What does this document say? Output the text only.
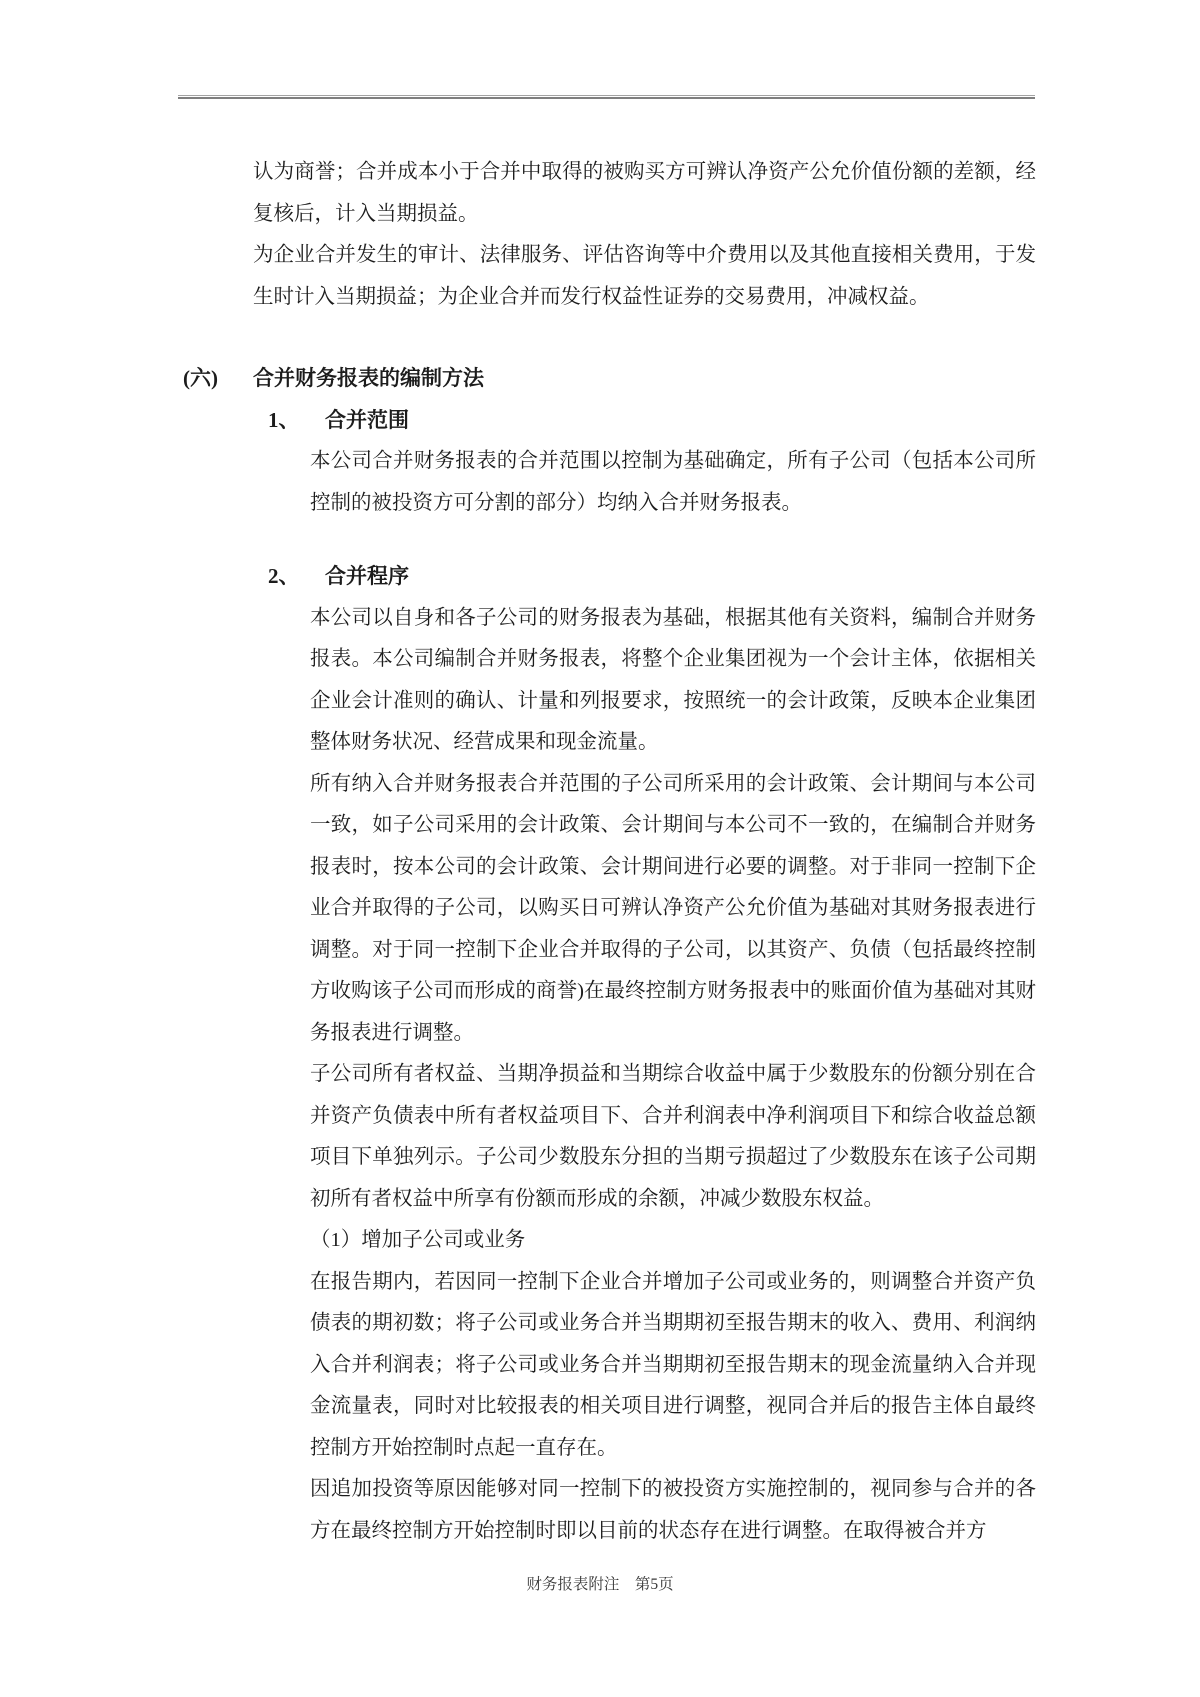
认为商誉；合并成本小于合并中取得的被购买方可辨认净资产公允价值份额的差额，经复核后，计入当期损益。

为企业合并发生的审计、法律服务、评估咨询等中介费用以及其他直接相关费用，于发生时计入当期损益；为企业合并而发行权益性证券的交易费用，冲减权益。

(六)	合并财务报表的编制方法
1、	合并范围

本公司合并财务报表的合并范围以控制为基础确定，所有子公司（包括本公司所控制的被投资方可分割的部分）均纳入合并财务报表。

2、	合并程序

本公司以自身和各子公司的财务报表为基础，根据其他有关资料，编制合并财务报表。本公司编制合并财务报表，将整个企业集团视为一个会计主体，依据相关企业会计准则的确认、计量和列报要求，按照统一的会计政策，反映本企业集团整体财务状况、经营成果和现金流量。

所有纳入合并财务报表合并范围的子公司所采用的会计政策、会计期间与本公司一致，如子公司采用的会计政策、会计期间与本公司不一致的，在编制合并财务报表时，按本公司的会计政策、会计期间进行必要的调整。对于非同一控制下企业合并取得的子公司，以购买日可辨认净资产公允价值为基础对其财务报表进行调整。对于同一控制下企业合并取得的子公司，以其资产、负债（包括最终控制方收购该子公司而形成的商誉)在最终控制方财务报表中的账面价值为基础对其财务报表进行调整。

子公司所有者权益、当期净损益和当期综合收益中属于少数股东的份额分别在合并资产负债表中所有者权益项目下、合并利润表中净利润项目下和综合收益总额项目下单独列示。子公司少数股东分担的当期亏损超过了少数股东在该子公司期初所有者权益中所享有份额而形成的余额，冲减少数股东权益。

（1）增加子公司或业务

在报告期内，若因同一控制下企业合并增加子公司或业务的，则调整合并资产负债表的期初数；将子公司或业务合并当期期初至报告期末的收入、费用、利润纳入合并利润表；将子公司或业务合并当期期初至报告期末的现金流量纳入合并现金流量表，同时对比较报表的相关项目进行调整，视同合并后的报告主体自最终控制方开始控制时点起一直存在。

因追加投资等原因能够对同一控制下的被投资方实施控制的，视同参与合并的各方在最终控制方开始控制时即以目前的状态存在进行调整。在取得被合并方

财务报表附注　第5页
